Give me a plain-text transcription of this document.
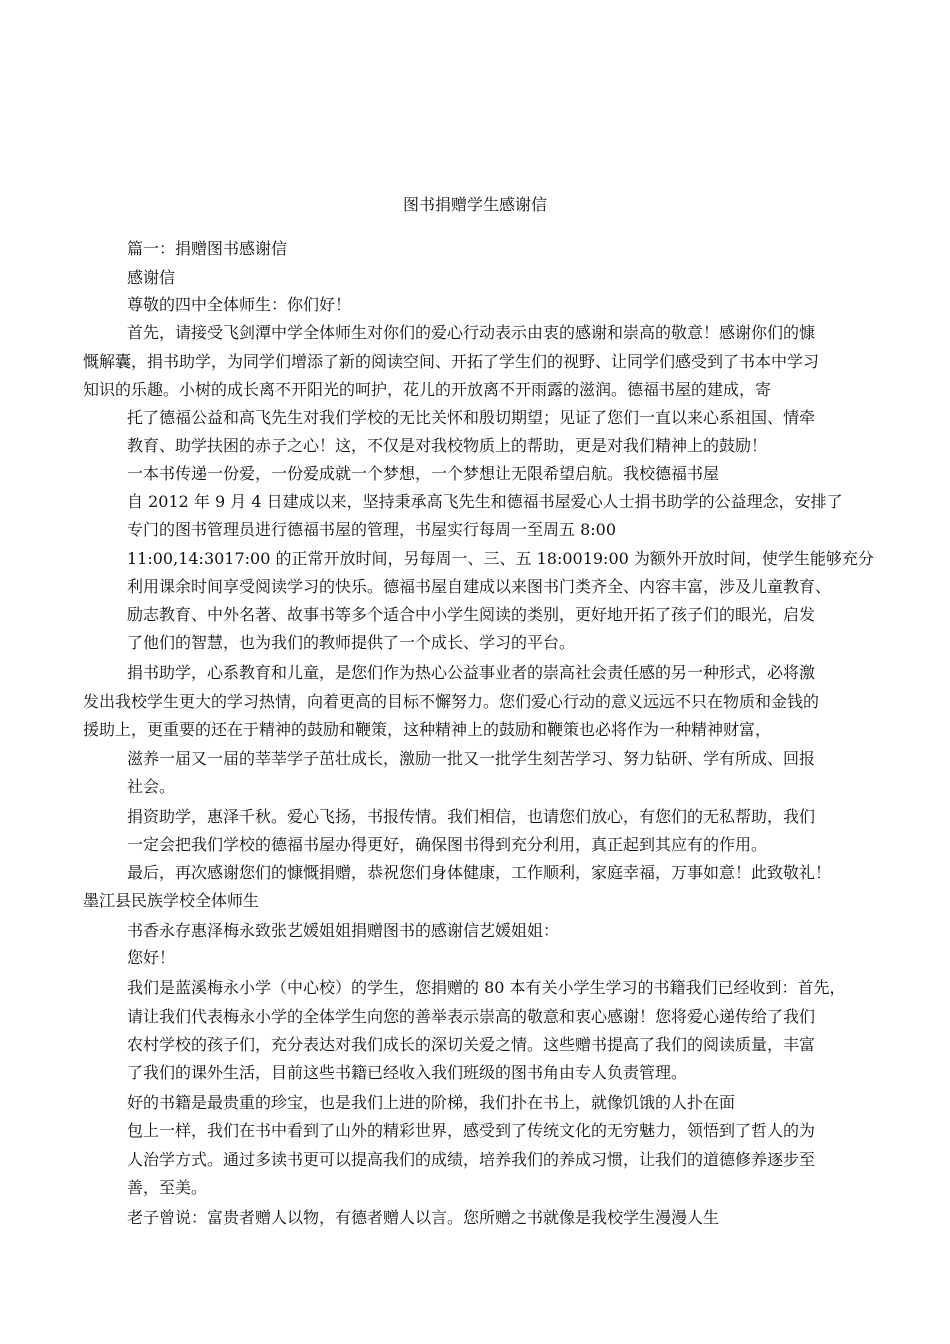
图书捐赠学生感谢信
篇一：捐赠图书感谢信
感谢信
尊敬的四中全体师生：你们好！
首先，请接受飞剑潭中学全体师生对你们的爱心行动表示由衷的感谢和崇高的敬意！感谢你们的慷
慨解囊，捐书助学，为同学们增添了新的阅读空间、开拓了学生们的视野、让同学们感受到了书本中学习
知识的乐趣。小树的成长离不开阳光的呵护，花儿的开放离不开雨露的滋润。德福书屋的建成，寄
托了德福公益和高飞先生对我们学校的无比关怀和殷切期望；见证了您们一直以来心系祖国、情牵
教育、助学扶困的赤子之心！这，不仅是对我校物质上的帮助，更是对我们精神上的鼓励！
一本书传递一份爱，一份爱成就一个梦想，一个梦想让无限希望启航。我校德福书屋
自 2012 年 9 月 4 日建成以来，坚持秉承高飞先生和德福书屋爱心人士捐书助学的公益理念，安排了
专门的图书管理员进行德福书屋的管理，书屋实行每周一至周五 8:00
11:00,14:3017:00 的正常开放时间，另每周一、三、五 18:0019:00 为额外开放时间，使学生能够充分
利用课余时间享受阅读学习的快乐。德福书屋自建成以来图书门类齐全、内容丰富，涉及儿童教育、
励志教育、中外名著、故事书等多个适合中小学生阅读的类别，更好地开拓了孩子们的眼光，启发
了他们的智慧，也为我们的教师提供了一个成长、学习的平台。
捐书助学，心系教育和儿童，是您们作为热心公益事业者的崇高社会责任感的另一种形式，必将激
发出我校学生更大的学习热情，向着更高的目标不懈努力。您们爱心行动的意义远远不只在物质和金钱的
援助上，更重要的还在于精神的鼓励和鞭策，这种精神上的鼓励和鞭策也必将作为一种精神财富，
滋养一届又一届的莘莘学子茁壮成长，激励一批又一批学生刻苦学习、努力钻研、学有所成、回报
社会。
捐资助学，惠泽千秋。爱心飞扬，书报传情。我们相信，也请您们放心，有您们的无私帮助，我们
一定会把我们学校的德福书屋办得更好，确保图书得到充分利用，真正起到其应有的作用。
最后，再次感谢您们的慷慨捐赠，恭祝您们身体健康，工作顺利，家庭幸福，万事如意！此致敬礼！
墨江县民族学校全体师生
书香永存惠泽梅永致张艺媛姐姐捐赠图书的感谢信艺媛姐姐：
您好！
我们是蓝溪梅永小学（中心校）的学生，您捐赠的 80 本有关小学生学习的书籍我们已经收到：首先，
请让我们代表梅永小学的全体学生向您的善举表示崇高的敬意和衷心感谢！您将爱心递传给了我们
农村学校的孩子们，充分表达对我们成长的深切关爱之情。这些赠书提高了我们的阅读质量，丰富
了我们的课外生活，目前这些书籍已经收入我们班级的图书角由专人负责管理。
好的书籍是最贵重的珍宝，也是我们上进的阶梯，我们扑在书上，就像饥饿的人扑在面
包上一样，我们在书中看到了山外的精彩世界，感受到了传统文化的无穷魅力，领悟到了哲人的为
人治学方式。通过多读书更可以提高我们的成绩，培养我们的养成习惯，让我们的道德修养逐步至
善，至美。
老子曾说：富贵者赠人以物，有德者赠人以言。您所赠之书就像是我校学生漫漫人生
